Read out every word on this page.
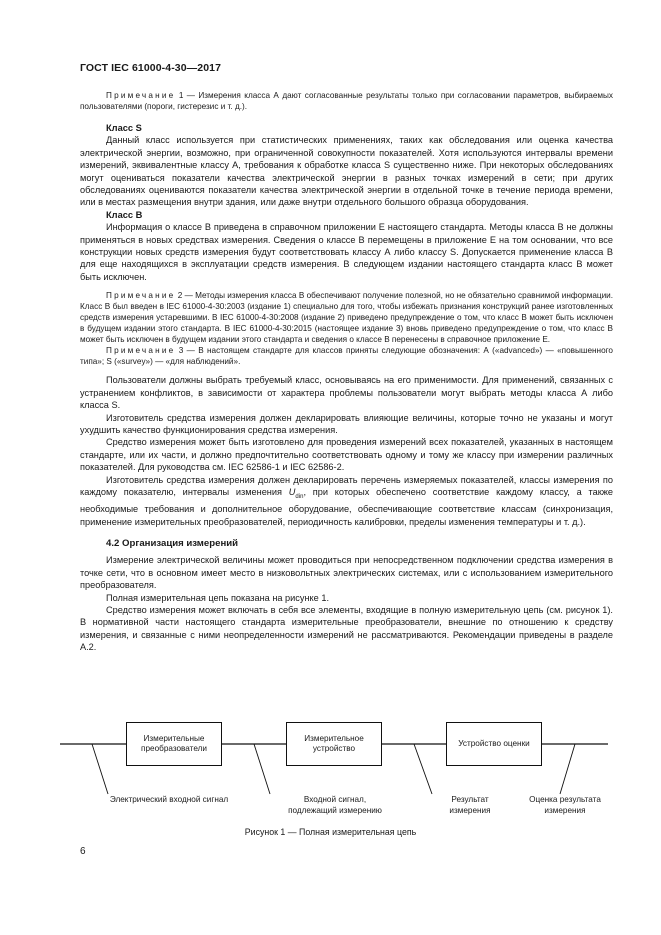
ГОСТ IEC 61000-4-30—2017

Примечание 1 — Измерения класса А дают согласованные результаты только при согласовании параметров, выбираемых пользователями (пороги, гистерезис и т. д.).

Класс S

Данный класс используется при статистических применениях, таких как обследования или оценка качества электрической энергии, возможно, при ограниченной совокупности показателей. Хотя используются интервалы времени измерений, эквивалентные классу А, требования к обработке класса S существенно ниже. При некоторых обследованиях могут оцениваться показатели качества электрической энергии в разных точках измерений в сети; при других обследованиях оцениваются показатели качества электрической энергии в отдельной точке в течение периода времени, или в местах размещения внутри здания, или даже внутри отдельного большого образца оборудования.

Класс В

Информация о классе В приведена в справочном приложении Е настоящего стандарта. Методы класса В не должны применяться в новых средствах измерения. Сведения о классе В перемещены в приложение Е на том основании, что все конструкции новых средств измерения будут соответствовать классу А либо классу S. Допускается применение класса В для еще находящихся в эксплуатации средств измерения. В следующем издании настоящего стандарта класс В может быть исключен.

Примечание 2 — Методы измерения класса В обеспечивают получение полезной, но не обязательно сравнимой информации. Класс В был введен в IEC 61000-4-30:2003 (издание 1) специально для того, чтобы избежать признания конструкций ранее изготовленных средств измерения устаревшими. В IEC 61000-4-30:2008 (издание 2) приведено предупреждение о том, что класс В может быть исключен в будущем издании этого стандарта. В IEC 61000-4-30:2015 (настоящее издание 3) вновь приведено предупреждение о том, что класс В может быть исключен в будущем издании этого стандарта и сведения о классе В перенесены в справочное приложение Е.

Примечание 3 — В настоящем стандарте для классов приняты следующие обозначения: А («advanced») — «повышенного типа»; S («survey») — «для наблюдений».

Пользователи должны выбрать требуемый класс, основываясь на его применимости. Для применений, связанных с устранением конфликтов, в зависимости от характера проблемы пользователи могут выбрать методы класса А либо класса S.

Изготовитель средства измерения должен декларировать влияющие величины, которые точно не указаны и могут ухудшить качество функционирования средства измерения.

Средство измерения может быть изготовлено для проведения измерений всех показателей, указанных в настоящем стандарте, или их части, и должно предпочтительно соответствовать одному и тому же классу при измерении различных показателей. Для руководства см. IEC 62586-1 и IEC 62586-2.

Изготовитель средства измерения должен декларировать перечень измеряемых показателей, классы измерения по каждому показателю, интервалы изменения $U_{din}$, при которых обеспечено соответствие каждому классу, а также необходимые требования и дополнительное оборудование, обеспечивающие соответствие классам (синхронизация, применение измерительных преобразователей, периодичность калибровки, пределы изменения температуры и т. д.).

4.2 Организация измерений

Измерение электрической величины может проводиться при непосредственном подключении средства измерения в точке сети, что в основном имеет место в низковольтных электрических системах, или с использованием измерительного преобразователя.

Полная измерительная цепь показана на рисунке 1.

Средство измерения может включать в себя все элементы, входящие в полную измерительную цепь (см. рисунок 1). В нормативной части настоящего стандарта измерительные преобразователи, внешние по отношению к средству измерения, и связанные с ними неопределенности измерений не рассматриваются. Рекомендации приведены в разделе А.2.

Измерительные преобразователи
Измерительное устройство
Устройство оценки
Электрический входной сигнал	Входной сигнал, подлежащий измерению
Результат измерения
Оценка результата измерения
Рисунок 1 — Полная измерительная цепь
6
